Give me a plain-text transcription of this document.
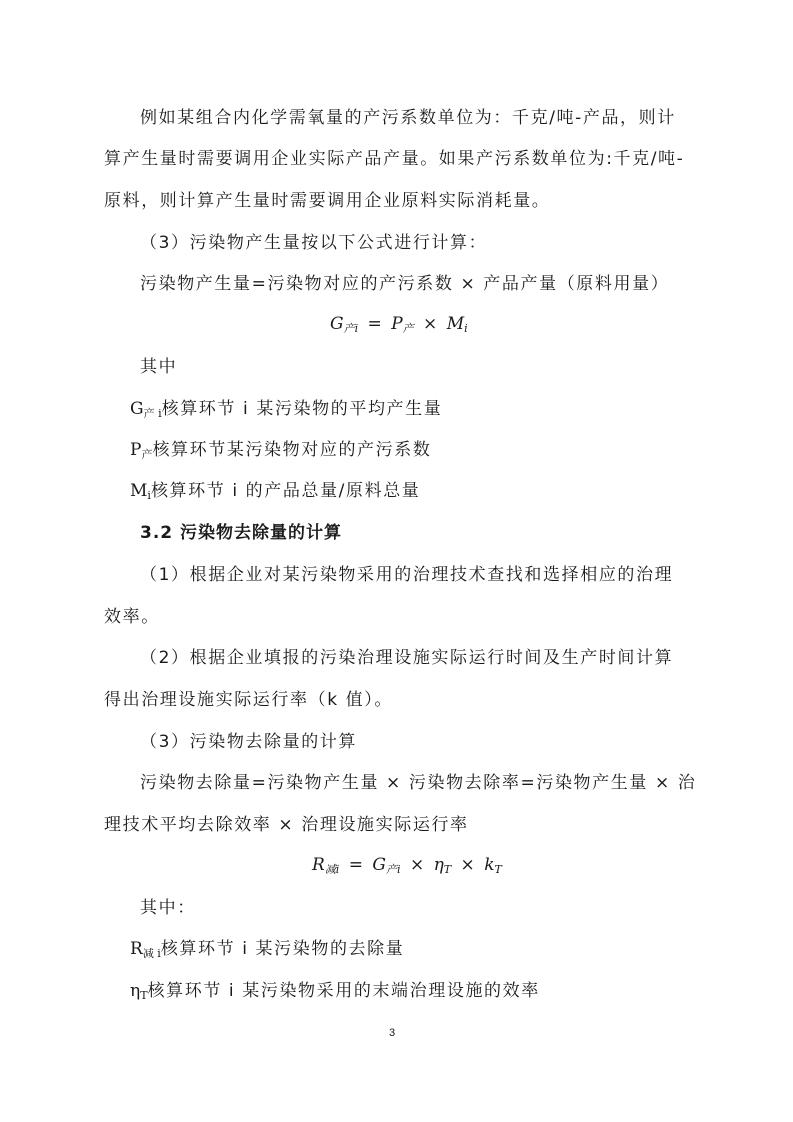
例如某组合内化学需氧量的产污系数单位为：千克/吨-产品，则计
算产生量时需要调用企业实际产品产量。如果产污系数单位为:千克/吨-
原料，则计算产生量时需要调用企业原料实际消耗量。
（3）污染物产生量按以下公式进行计算：
污染物产生量=污染物对应的产污系数 × 产品产量（原料用量）
$G_{产i} = P_产 \times M_i$
其中
$G_{产 i}$核算环节 i 某污染物的平均产生量
$P_产$核算环节某污染物对应的产污系数
$M_i$核算环节 i 的产品总量/原料总量
3.2 污染物去除量的计算
（1）根据企业对某污染物采用的治理技术查找和选择相应的治理
效率。
（2）根据企业填报的污染治理设施实际运行时间及生产时间计算
得出治理设施实际运行率（k 值）。
（3）污染物去除量的计算
污染物去除量=污染物产生量 × 污染物去除率=污染物产生量 × 治
理技术平均去除效率 × 治理设施实际运行率
$R_{减i} = G_{产i} \times \eta_T \times k_T$
其中：
$R_{减 i}$核算环节 i 某污染物的去除量
$\eta_T$核算环节 i 某污染物采用的末端治理设施的效率
3
